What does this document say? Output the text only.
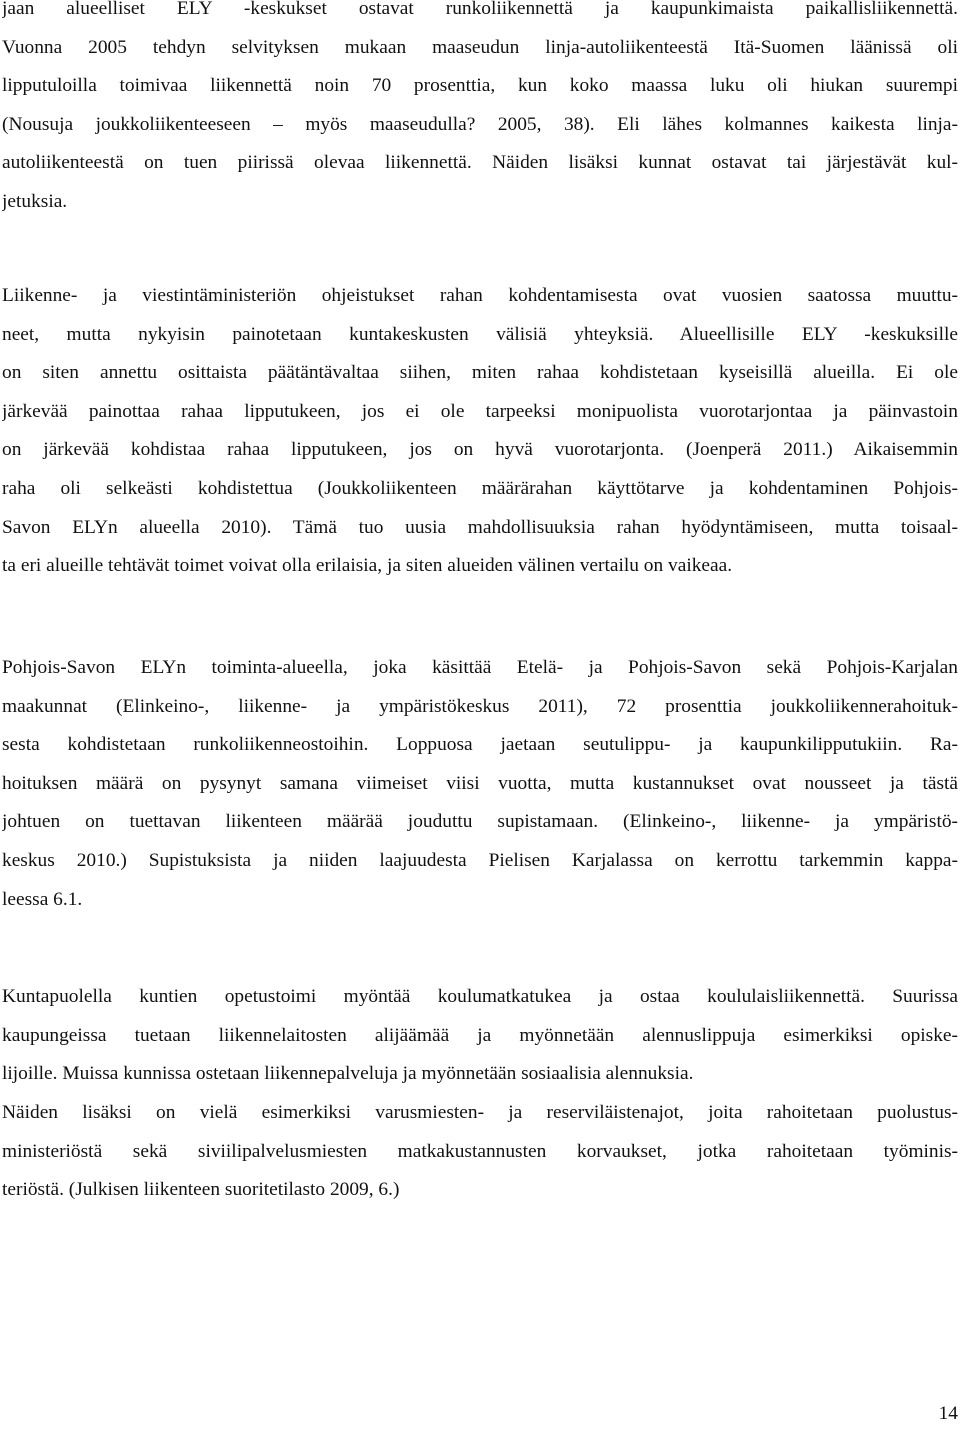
jaan alueelliset ELY -keskukset ostavat runkoliikennettä ja kaupunkimaista paikallisliikennettä.
Vuonna 2005 tehdyn selvityksen mukaan maaseudun linja-autoliikenteestä Itä-Suomen läänissä oli
lipputuloilla toimivaa liikennettä noin 70 prosenttia, kun koko maassa luku oli hiukan suurempi
(Nousuja joukkoliikenteeseen – myös maaseudulla? 2005, 38). Eli lähes kolmannes kaikesta linja-
autoliikenteestä on tuen piirissä olevaa liikennettä. Näiden lisäksi kunnat ostavat tai järjestävät kul-
jetuksia.
Liikenne- ja viestintäministeriön ohjeistukset rahan kohdentamisesta ovat vuosien saatossa muuttu-
neet, mutta nykyisin painotetaan kuntakeskusten välisiä yhteyksiä. Alueellisille ELY -keskuksille
on siten annettu osittaista päätäntävaltaa siihen, miten rahaa kohdistetaan kyseisillä alueilla. Ei ole
järkevää painottaa rahaa lipputukeen, jos ei ole tarpeeksi monipuolista vuorotarjontaa ja päinvastoin
on järkevää kohdistaa rahaa lipputukeen, jos on hyvä vuorotarjonta. (Joenperä 2011.) Aikaisemmin
raha oli selkeästi kohdistettua (Joukkoliikenteen määrärahan käyttötarve ja kohdentaminen Pohjois-
Savon ELYn alueella 2010). Tämä tuo uusia mahdollisuuksia rahan hyödyntämiseen, mutta toisaal-
ta eri alueille tehtävät toimet voivat olla erilaisia, ja siten alueiden välinen vertailu on vaikeaa.
Pohjois-Savon ELYn toiminta-alueella, joka käsittää Etelä- ja Pohjois-Savon sekä Pohjois-Karjalan
maakunnat (Elinkeino-, liikenne- ja ympäristökeskus 2011), 72 prosenttia joukkoliikennerahoituk-
sesta kohdistetaan runkoliikenneostoihin. Loppuosa jaetaan seutulippu- ja kaupunkilipputukiin. Ra-
hoituksen määrä on pysynyt samana viimeiset viisi vuotta, mutta kustannukset ovat nousseet ja tästä
johtuen on tuettavan liikenteen määrää jouduttu supistamaan. (Elinkeino-, liikenne- ja ympäristö-
keskus 2010.) Supistuksista ja niiden laajuudesta Pielisen Karjalassa on kerrottu tarkemmin kappa-
leessa 6.1.
Kuntapuolella kuntien opetustoimi myöntää koulumatkatukea ja ostaa koululaisliikennettä. Suurissa
kaupungeissa tuetaan liikennelaitosten alijäämää ja myönnetään alennuslippuja esimerkiksi opiske-
lijoille. Muissa kunnissa ostetaan liikennepalveluja ja myönnetään sosiaalisia alennuksia.
Näiden lisäksi on vielä esimerkiksi varusmiesten- ja reserviläistenajot, joita rahoitetaan puolustus-
ministeriöstä sekä siviilipalvelusmiesten matkakustannusten korvaukset, jotka rahoitetaan työminis-
teriöstä. (Julkisen liikenteen suoritetilasto 2009, 6.)
14
